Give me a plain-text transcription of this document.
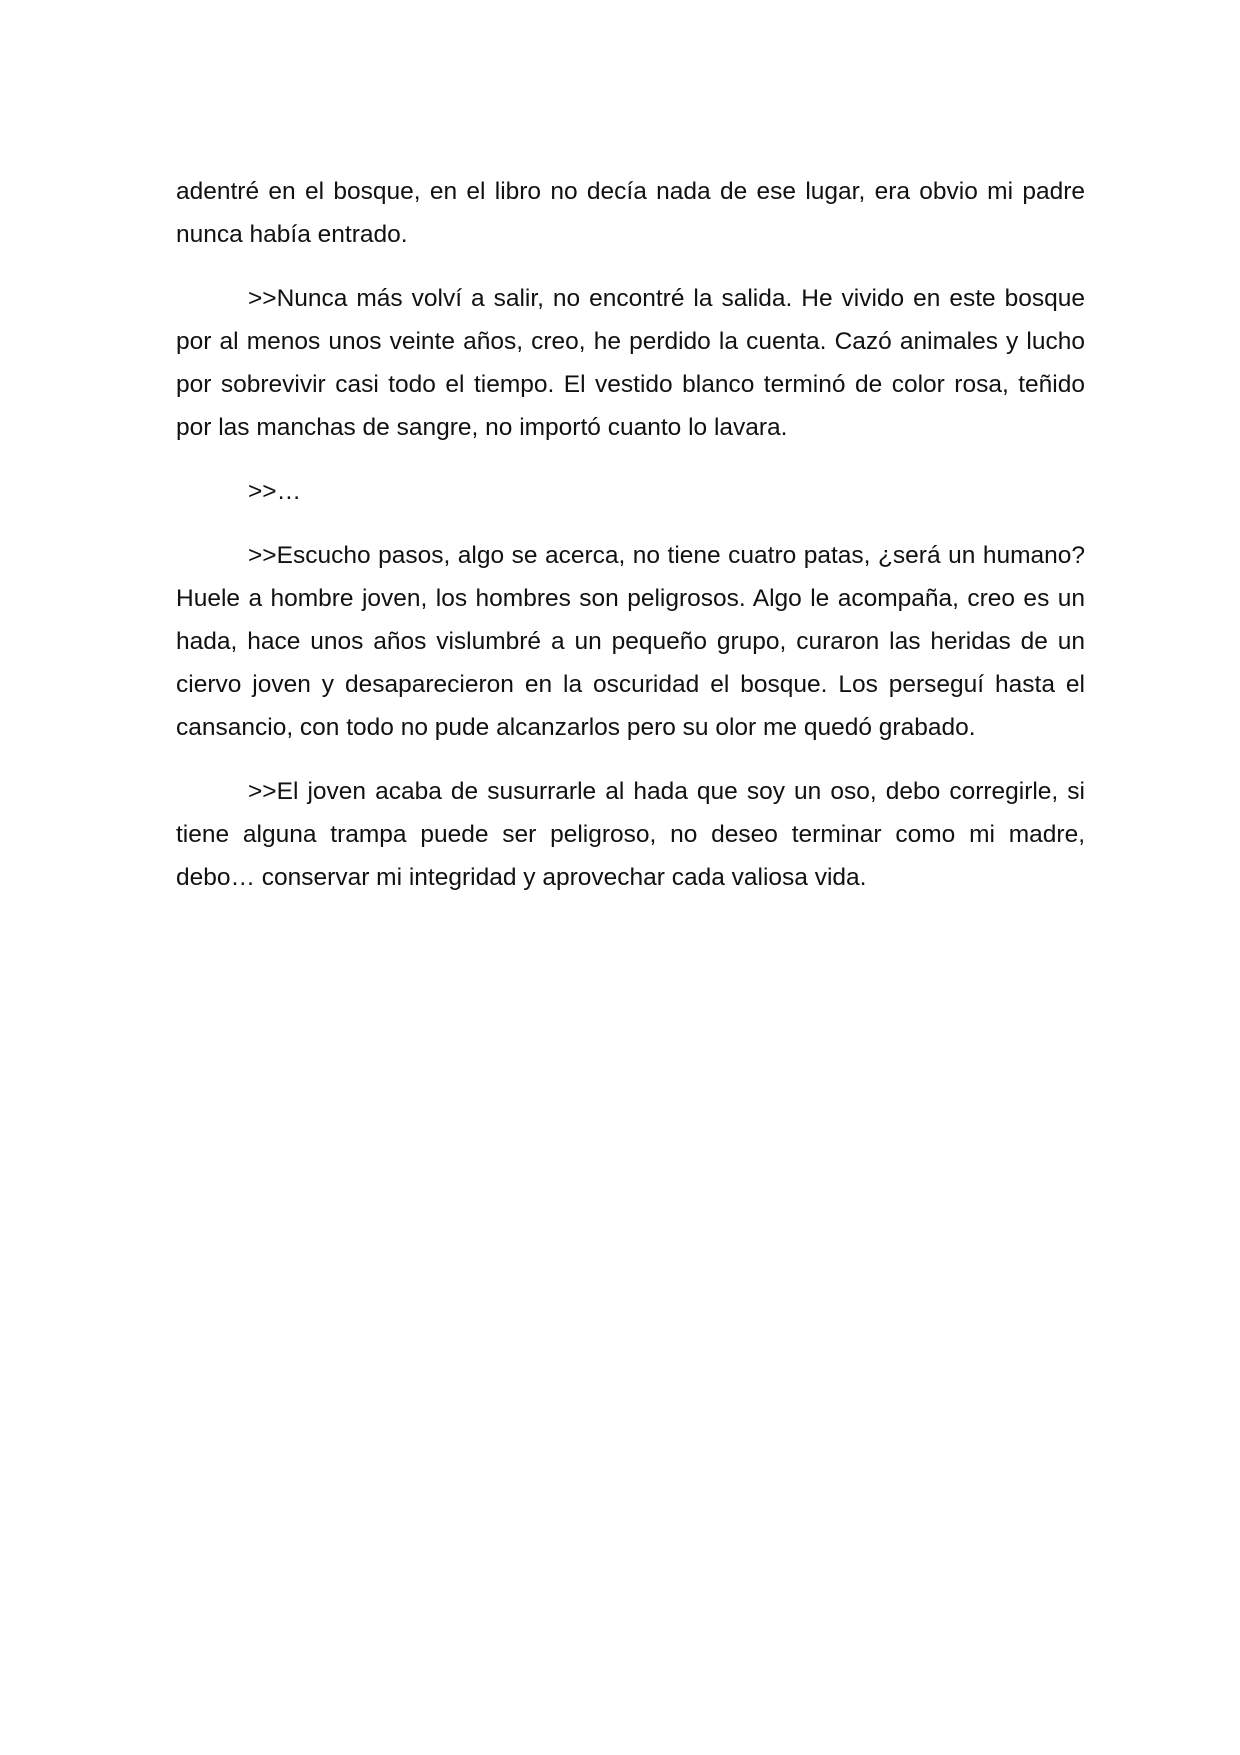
adentré en el bosque, en el libro no decía nada de ese lugar, era obvio mi padre nunca había entrado.

>>Nunca más volví a salir, no encontré la salida. He vivido en este bosque por al menos unos veinte años, creo, he perdido la cuenta. Cazó animales y lucho por sobrevivir casi todo el tiempo. El vestido blanco terminó de color rosa, teñido por las manchas de sangre, no importó cuanto lo lavara.

>>…

>>Escucho pasos, algo se acerca, no tiene cuatro patas, ¿será un humano? Huele a hombre joven, los hombres son peligrosos. Algo le acompaña, creo es un hada, hace unos años vislumbré a un pequeño grupo, curaron las heridas de un ciervo joven y desaparecieron en la oscuridad el bosque. Los perseguí hasta el cansancio, con todo no pude alcanzarlos pero su olor me quedó grabado.

>>El joven acaba de susurrarle al hada que soy un oso, debo corregirle, si tiene alguna trampa puede ser peligroso, no deseo terminar como mi madre, debo… conservar mi integridad y aprovechar cada valiosa vida.
